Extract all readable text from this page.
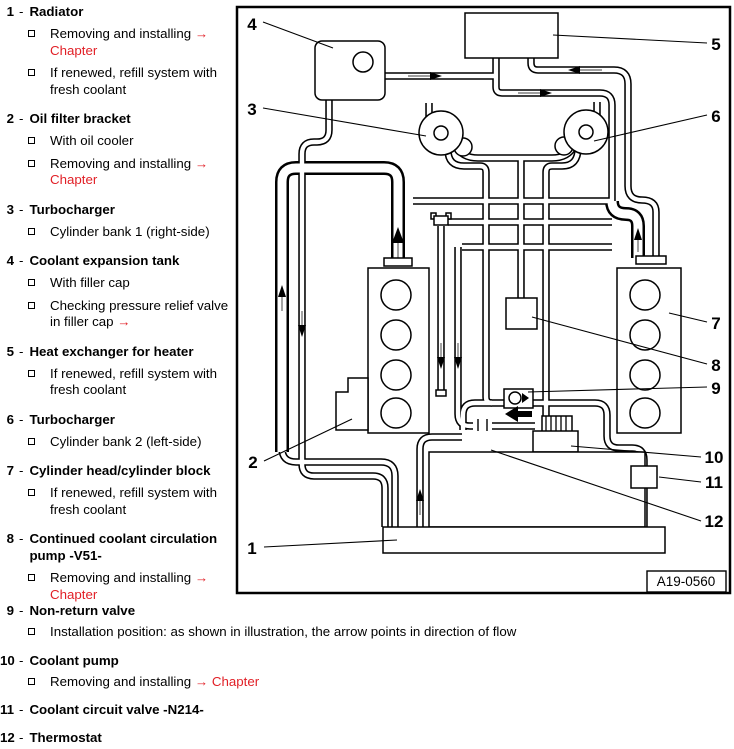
1 - Radiator
Removing and installing → Chapter
If renewed, refill system with fresh coolant
2 - Oil filter bracket
With oil cooler
Removing and installing → Chapter
3 - Turbocharger
Cylinder bank 1 (right-side)
4 - Coolant expansion tank
With filler cap
Checking pressure relief valve in filler cap →
5 - Heat exchanger for heater
If renewed, refill system with fresh coolant
6 - Turbocharger
Cylinder bank 2 (left-side)
7 - Cylinder head/cylinder block
If renewed, refill system with fresh coolant
8 - Continued coolant circulation pump -V51-
Removing and installing → Chapter
9 - Non-return valve
Installation position: as shown in illustration, the arrow points in direction of flow
10 - Coolant pump
Removing and installing → Chapter
11 - Coolant circuit valve -N214-
12 - Thermostat
4
3
2
1
5
6
7
8
9
10
11
12
A19-0560
